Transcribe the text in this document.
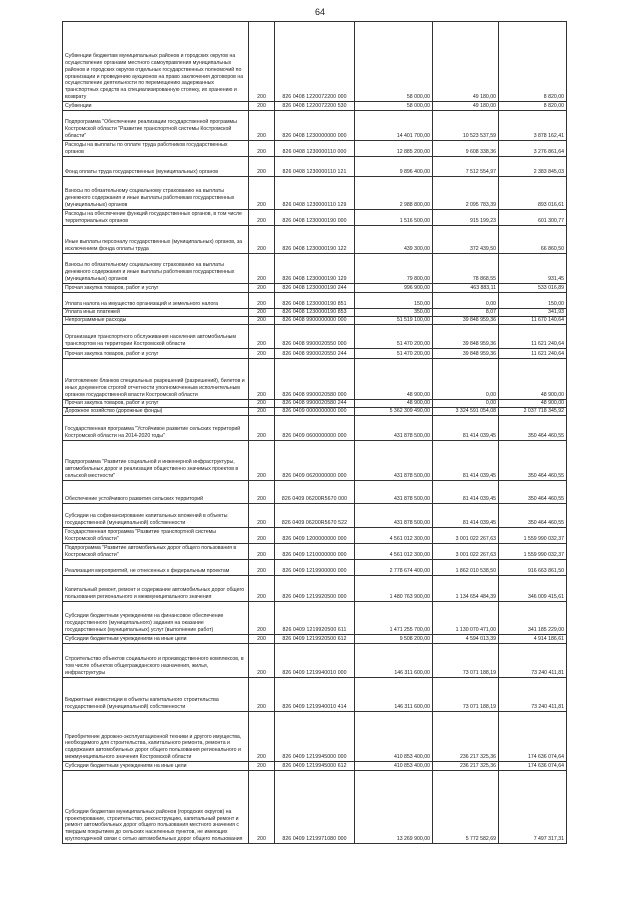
64
Субвенции бюджетам муниципальных районов и городских округов на осуществление органами местного самоуправления муниципальных районов и городских округов отдельных государственных полномочий по организации и проведению аукционов на право заключения договоров на осуществление деятельности по перемещению задержанных транспортных средств на специализированную стоянку, их хранению и возврату	200	826 0408 1220072200 000	58 000,00	49 180,00	8 820,00
Субвенции	200	826 0408 1220072200 530	58 000,00	49 180,00	8 820,00
Подпрограмма "Обеспечение реализации государственной программы Костромской области "Развитие транспортной системы Костромской области"	200	826 0408 1230000000 000	14 401 700,00	10 523 537,59	3 878 162,41
Расходы на выплаты по оплате труда работников государственных органов	200	826 0408 1230000110 000	12 885 200,00	9 608 338,36	3 276 861,64
Фонд оплаты труда государственных (муниципальных) органов	200	826 0408 1230000110 121	9 896 400,00	7 512 554,97	2 383 845,03
Взносы по обязательному социальному страхованию на выплаты денежного содержания и иные выплаты работникам государственных (муниципальных) органов	200	826 0408 1230000110 129	2 988 800,00	2 095 783,39	893 016,61
Расходы на обеспечение функций государственных органов, в том числе территориальных органов	200	826 0408 1230000190 000	1 516 500,00	915 199,23	601 300,77
Иные выплаты персоналу государственных (муниципальных) органов, за исключением фонда оплаты труда	200	826 0408 1230000190 122	439 300,00	372 439,50	66 860,50
Взносы по обязательному социальному страхованию на выплаты денежного содержания и иные выплаты работникам государственных (муниципальных) органов	200	826 0408 1230000190 129	79 800,00	78 868,55	931,45
Прочая закупка товаров, работ и услуг	200	826 0408 1230000190 244	996 900,00	463 883,11	533 016,89
Уплата налога на имущество организаций и земельного налога	200	826 0408 1230000190 851	150,00	0,00	150,00
Уплата иных платежей	200	826 0408 1230000190 853	350,00	8,07	341,93
Непрограммные расходы	200	826 0408 9900000000 000	51 519 100,00	39 848 959,36	11 670 140,64
Организация транспортного обслуживания населения автомобильным транспортом на территории Костромской области	200	826 0408 9900020550 000	51 470 200,00	39 848 959,36	11 621 240,64
Прочая закупка товаров, работ и услуг	200	826 0408 9900020550 244	51 470 200,00	39 848 959,36	11 621 240,64
Изготовление бланков специальных разрешений (разрешений), билетов и иных документов строгой отчетности уполномоченным исполнительным органом государственной власти Костромской области	200	826 0408 9900020580 000	48 900,00	0,00	48 900,00
Прочая закупка товаров, работ и услуг	200	826 0408 9900020580 244	48 900,00	0,00	48 900,00
Дорожное хозяйство (дорожные фонды)	200	826 0409 0000000000 000	5 362 309 490,00	3 324 591 054,08	2 037 718 345,92
Государственная программа "Устойчивое развитие сельских территорий Костромской области на 2014-2020 годы"	200	826 0409 0600000000 000	431 878 500,00	81 414 039,45	350 464 460,55
Подпрограмма "Развитие социальной и инженерной инфраструктуры, автомобильных дорог и реализация общественно значимых проектов в сельской местности"	200	826 0409 0620000000 000	431 878 500,00	81 414 039,45	350 464 460,55
Обеспечение устойчивого развития сельских территорий	200	826 0409 06200R5670 000	431 878 500,00	81 414 039,45	350 464 460,55
Субсидии на софинансирование капитальных вложений в объекты государственной (муниципальной) собственности	200	826 0409 06200R5670 522	431 878 500,00	81 414 039,45	350 464 460,55
Государственная программа "Развитие транспортной системы Костромской области"	200	826 0409 1200000000 000	4 561 012 300,00	3 001 022 267,63	1 559 990 032,37
Подпрограмма "Развитие автомобильных дорог общего пользования в Костромской области"	200	826 0409 1210000000 000	4 561 012 300,00	3 001 022 267,63	1 559 990 032,37
Реализация мероприятий, не отнесенных к федеральным проектам	200	826 0409 1219900000 000	2 778 674 400,00	1 862 010 538,50	916 663 861,50
Капитальный ремонт, ремонт и содержание автомобильных дорог общего пользования регионального и межмуниципального значения	200	826 0409 1219920500 000	1 480 763 900,00	1 134 654 484,39	346 009 415,61
Субсидии бюджетным учреждениям на финансовое обеспечение государственного (муниципального) задания на оказание государственных (муниципальных) услуг (выполнение работ)	200	826 0409 1219920500 611	1 471 255 700,00	1 130 070 471,00	341 185 229,00
Субсидии бюджетным учреждениям на иные цели	200	826 0409 1219920500 612	9 508 200,00	4 594 013,39	4 914 186,61
Строительство объектов социального и производственного комплексов, в том числе объектов общегражданского назначения, жилья, инфраструктуры	200	826 0409 1219940010 000	146 311 600,00	73 071 188,19	73 240 411,81
Бюджетные инвестиции в объекты капитального строительства государственной (муниципальной) собственности	200	826 0409 1219940010 414	146 311 600,00	73 071 188,19	73 240 411,81
Приобретение дорожно-эксплуатационной техники и другого имущества, необходимого для строительства, капитального ремонта, ремонта и содержания автомобильных дорог общего пользования регионального и межмуниципального значения Костромской области	200	826 0409 1219945000 000	410 853 400,00	236 217 325,36	174 636 074,64
Субсидии бюджетным учреждениям на иные цели	200	826 0409 1219945000 612	410 853 400,00	236 217 325,36	174 636 074,64
Субсидии бюджетам муниципальных районов (городских округов) на проектирование, строительство, реконструкцию, капитальный ремонт и ремонт автомобильных дорог общего пользования местного значения с твердым покрытием до сельских населенных пунктов, не имеющих круглогодичной связи с сетью автомобильных дорог общего пользования	200	826 0409 1219971080 000	13 269 900,00	5 772 582,69	7 497 317,31
